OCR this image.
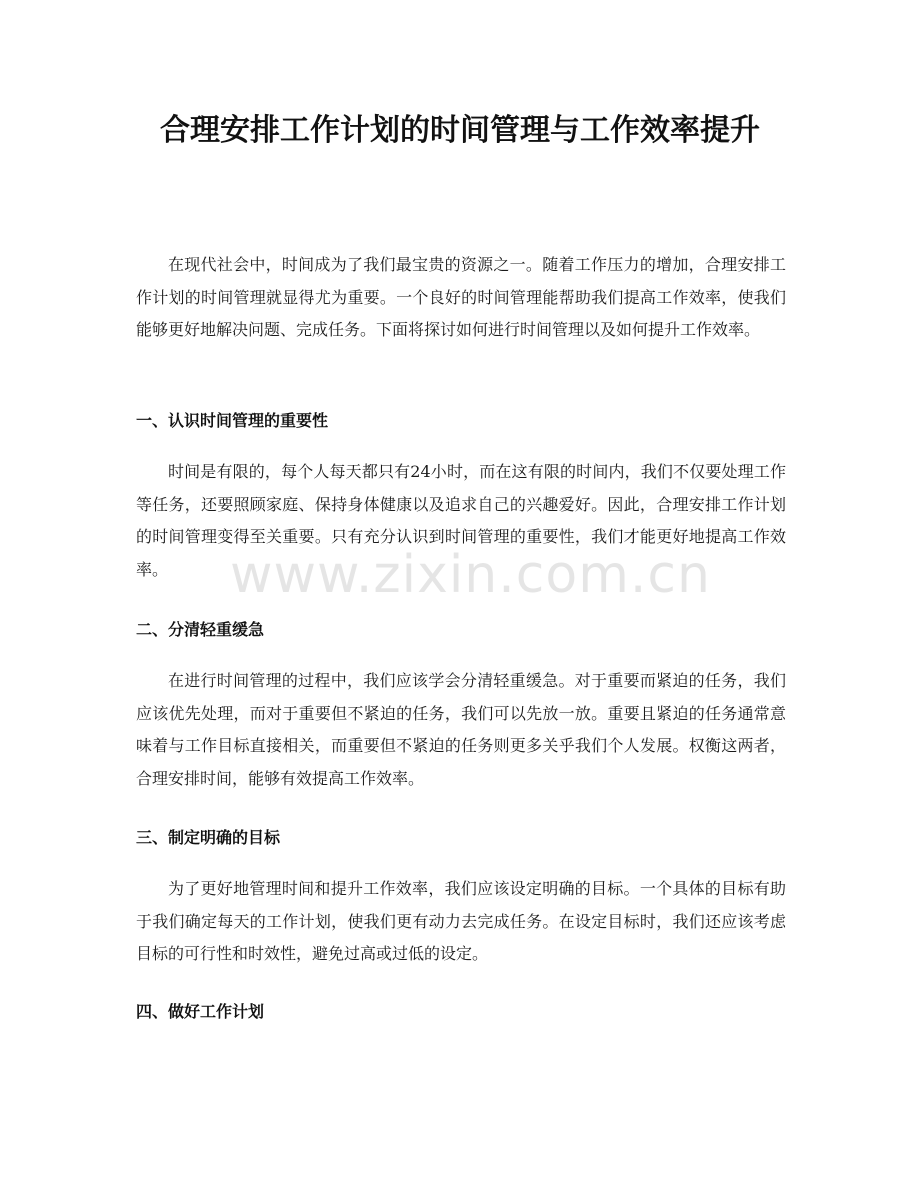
合理安排工作计划的时间管理与工作效率提升

在现代社会中，时间成为了我们最宝贵的资源之一。随着工作压力的增加，合理安排工作计划的时间管理就显得尤为重要。一个良好的时间管理能帮助我们提高工作效率，使我们能够更好地解决问题、完成任务。下面将探讨如何进行时间管理以及如何提升工作效率。

一、认识时间管理的重要性

时间是有限的，每个人每天都只有24小时，而在这有限的时间内，我们不仅要处理工作等任务，还要照顾家庭、保持身体健康以及追求自己的兴趣爱好。因此，合理安排工作计划的时间管理变得至关重要。只有充分认识到时间管理的重要性，我们才能更好地提高工作效率。

二、分清轻重缓急

在进行时间管理的过程中，我们应该学会分清轻重缓急。对于重要而紧迫的任务，我们应该优先处理，而对于重要但不紧迫的任务，我们可以先放一放。重要且紧迫的任务通常意味着与工作目标直接相关，而重要但不紧迫的任务则更多关乎我们个人发展。权衡这两者，合理安排时间，能够有效提高工作效率。

三、制定明确的目标

为了更好地管理时间和提升工作效率，我们应该设定明确的目标。一个具体的目标有助于我们确定每天的工作计划，使我们更有动力去完成任务。在设定目标时，我们还应该考虑目标的可行性和时效性，避免过高或过低的设定。

四、做好工作计划
www.zixin.com.cn
